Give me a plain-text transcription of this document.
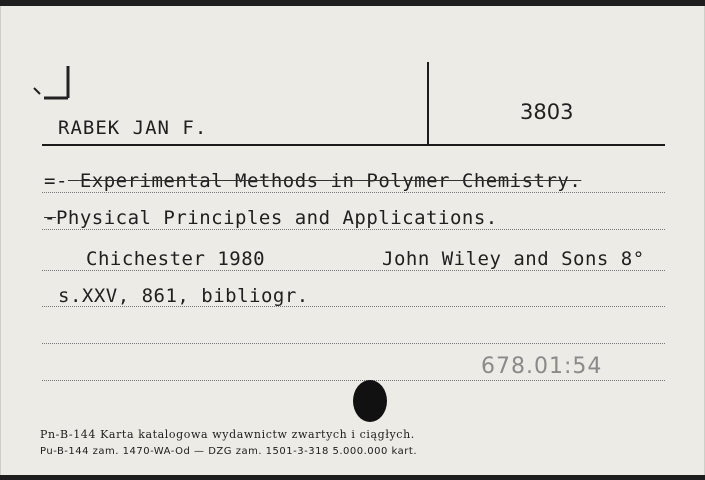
RABEK JAN F.
3803
=- Experimental Methods in Polymer Chemistry.
-Physical Principles and Applications.
Chichester 1980	John Wiley and Sons 8°
s.XXV, 861, bibliogr.
678.01:54
Pn-B-144 Karta katalogowa wydawnictw zwartych i ciągłych.
Pu-B-144 zam. 1470-WA-Od — DZG zam. 1501-3-318 5.000.000 kart.
